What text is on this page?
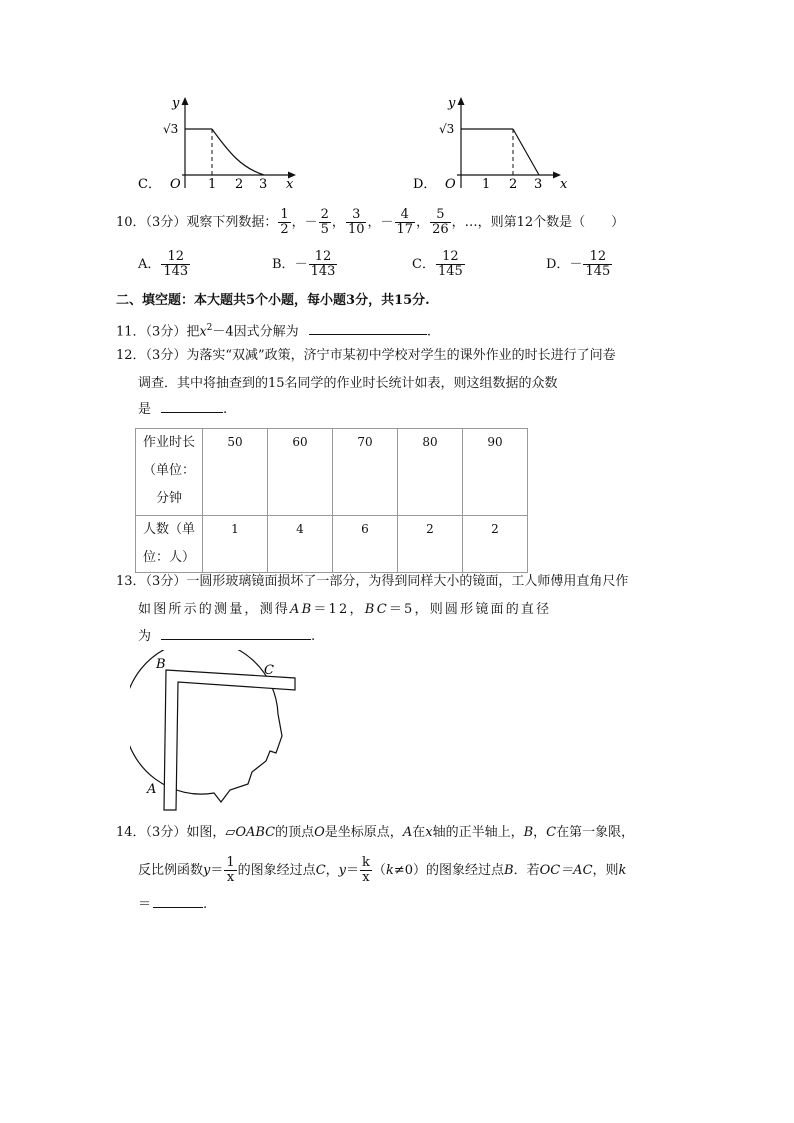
C．
y
x
O 1 2 3
√3
D．
y
x
O 1 2 3
√3
10．（3分）观察下列数据： $\frac{1}{2}$ ，－ $\frac{2}{5}$ ， $\frac{3}{10}$ ，－ $\frac{4}{17}$ ， $\frac{5}{26}$ ，…，则第12个数是（　　）
A． $\frac{12}{143}$	B．－ $\frac{12}{143}$	C． $\frac{12}{145}$	D．－ $\frac{12}{145}$
二、填空题：本大题共5个小题，每小题3分，共15分.
11．（3分）把$x^2-4$因式分解为	.
12．（3分）为落实“双减”政策，济宁市某初中学校对学生的课外作业的时长进行了问卷
调查．其中将抽查到的15名同学的作业时长统计如表，则这组数据的众数
是	.
作业时长
（单位：
分钟	50	60	70	80	90

人数（单
位：人）	1	4	6	2	2
13．（3分）一圆形玻璃镜面损坏了一部分，为得到同样大小的镜面，工人师傅用直角尺作
如图所示的测量，测得AB＝12，BC＝5，则圆形镜面的直径
为	.
B	C
A
14．（3分）如图，▱OABC的顶点O是坐标原点，A在x轴的正半轴上，B，C在第一象限，
反比例函数$y= \frac{1}{x}$ 的图象经过点C，$y= \frac{k}{x} (k\ne 0)$的图象经过点B．若OC＝AC，则k
＝	.
